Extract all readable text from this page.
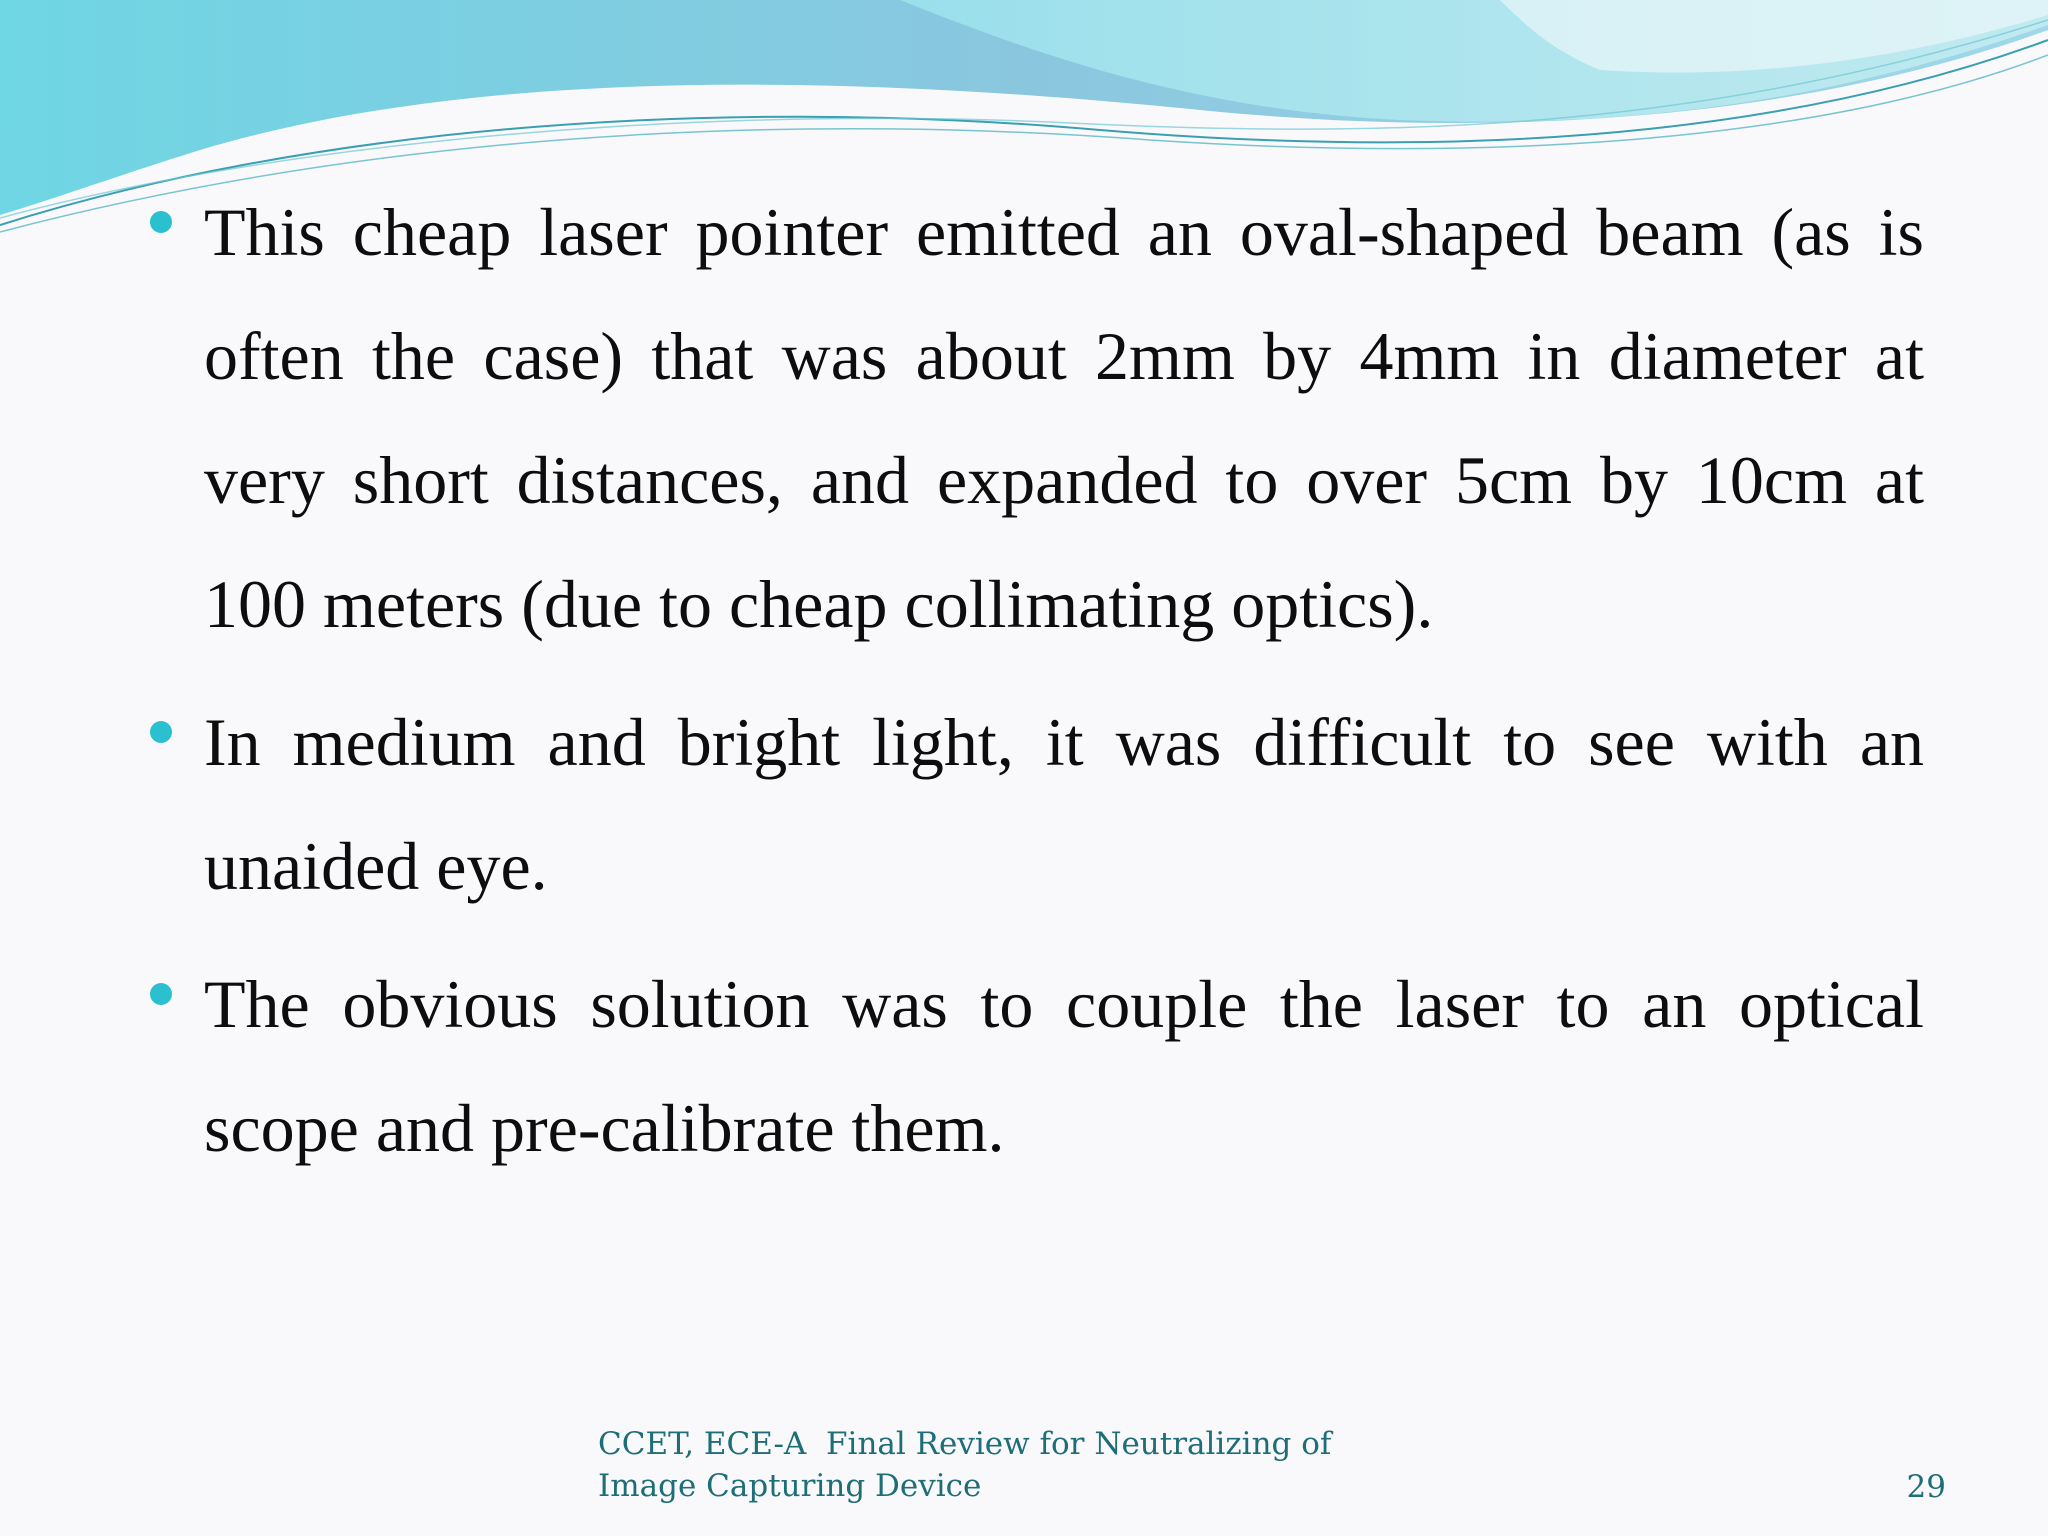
This cheap laser pointer emitted an oval-shaped beam (as is often the case) that was about 2mm by 4mm in diameter at very short distances, and expanded to over 5cm by 10cm at 100 meters (due to cheap collimating optics).

In medium and bright light, it was difficult to see with an unaided eye.

The obvious solution was to couple the laser to an optical scope and pre-calibrate them.

CCET, ECE-A  Final Review for Neutralizing of
Image Capturing Device	29
